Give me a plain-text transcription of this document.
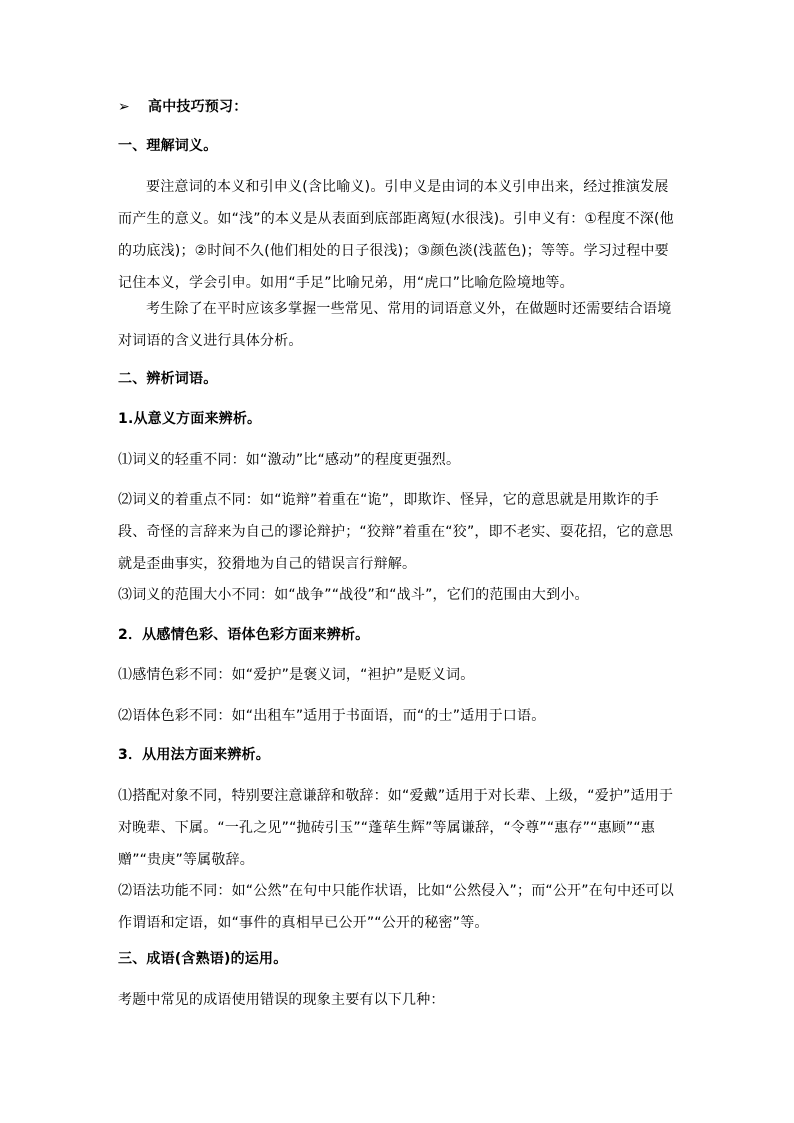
➢ 高中技巧预习：
一、理解词义。
要注意词的本义和引申义(含比喻义)。引申义是由词的本义引申出来，经过推演发展而产生的意义。如“浅”的本义是从表面到底部距离短(水很浅)。引申义有：①程度不深(他的功底浅)；②时间不久(他们相处的日子很浅)；③颜色淡(浅蓝色)；等等。学习过程中要记住本义，学会引申。如用“手足”比喻兄弟，用“虎口”比喻危险境地等。
考生除了在平时应该多掌握一些常见、常用的词语意义外，在做题时还需要结合语境对词语的含义进行具体分析。
二、辨析词语。
1.从意义方面来辨析。
⑴词义的轻重不同：如“激动”比“感动”的程度更强烈。
⑵词义的着重点不同：如“诡辩”着重在“诡”，即欺诈、怪异，它的意思就是用欺诈的手段、奇怪的言辞来为自己的谬论辩护；“狡辩”着重在“狡”，即不老实、耍花招，它的意思就是歪曲事实，狡猾地为自己的错误言行辩解。
⑶词义的范围大小不同：如“战争”“战役”和“战斗”，它们的范围由大到小。
2．从感情色彩、语体色彩方面来辨析。
⑴感情色彩不同：如“爱护”是褒义词，“袒护”是贬义词。
⑵语体色彩不同：如“出租车”适用于书面语，而“的士”适用于口语。
3．从用法方面来辨析。
⑴搭配对象不同，特别要注意谦辞和敬辞：如“爱戴”适用于对长辈、上级，“爱护”适用于对晚辈、下属。“一孔之见”“抛砖引玉”“蓬荜生辉”等属谦辞，“令尊”“惠存”“惠顾”“惠赠”“贵庚”等属敬辞。
⑵语法功能不同：如“公然”在句中只能作状语，比如“公然侵入”；而“公开”在句中还可以作谓语和定语，如“事件的真相早已公开”“公开的秘密”等。
三、成语(含熟语)的运用。
考题中常见的成语使用错误的现象主要有以下几种：
